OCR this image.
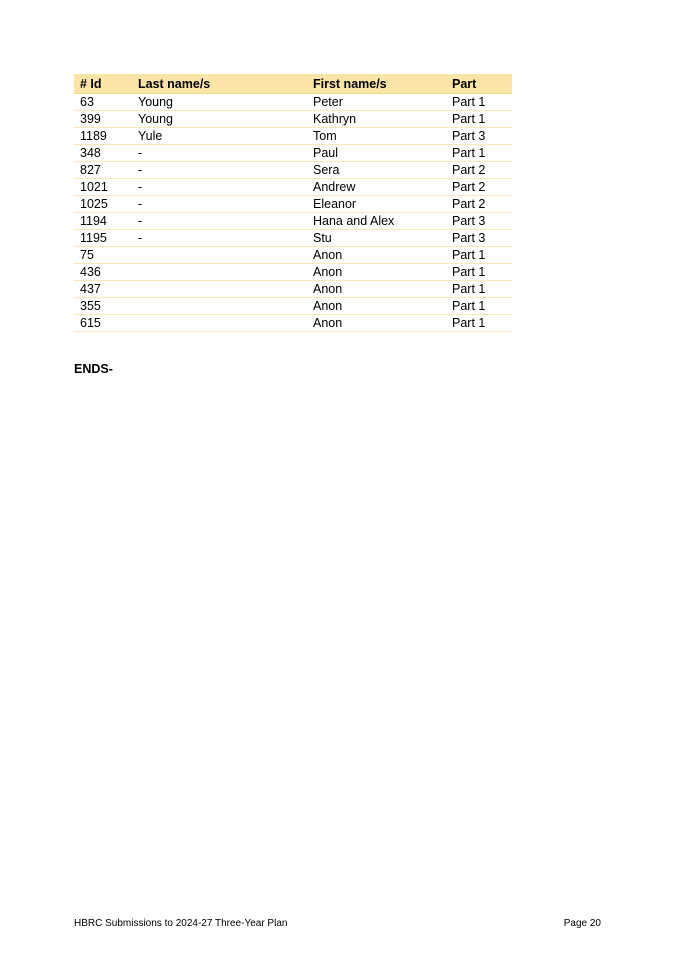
# Id	Last name/s	First name/s	Part
63	Young	Peter	Part 1
399	Young	Kathryn	Part 1
1189	Yule	Tom	Part 3
348	-	Paul	Part 1
827	-	Sera	Part 2
1021	-	Andrew	Part 2
1025	-	Eleanor	Part 2
1194	-	Hana and Alex	Part 3
1195	-	Stu	Part 3
75		Anon	Part 1
436		Anon	Part 1
437		Anon	Part 1
355		Anon	Part 1
615		Anon	Part 1
ENDS-
HBRC Submissions to 2024-27 Three-Year Plan	Page 20
